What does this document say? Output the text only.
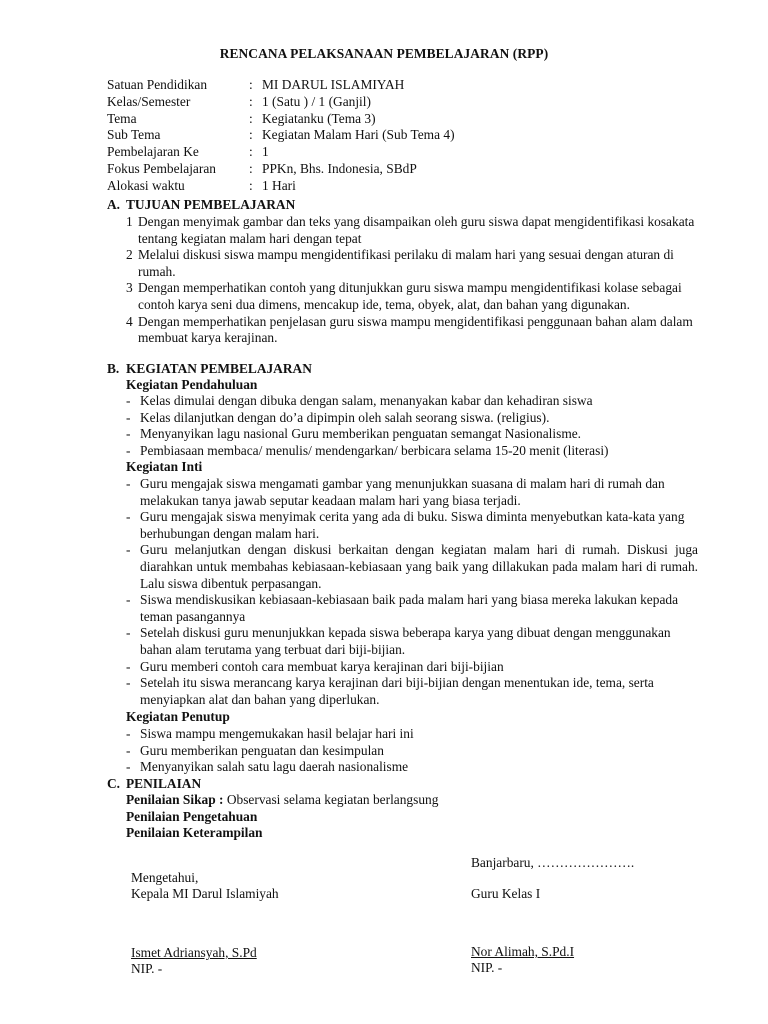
RENCANA PELAKSANAAN PEMBELAJARAN (RPP)
Satuan Pendidikan	: MI DARUL ISLAMIYAH
Kelas/Semester	: 1 (Satu ) / 1 (Ganjil)
Tema	: Kegiatanku (Tema 3)
Sub Tema	: Kegiatan Malam Hari (Sub Tema 4)
Pembelajaran Ke	: 1
Fokus Pembelajaran	: PPKn, Bhs. Indonesia, SBdP
Alokasi waktu	: 1 Hari
A. TUJUAN PEMBELAJARAN
1 Dengan menyimak gambar dan teks yang disampaikan oleh guru siswa dapat mengidentifikasi kosakata tentang kegiatan malam hari dengan tepat
2 Melalui diskusi siswa mampu mengidentifikasi perilaku di malam hari yang sesuai dengan aturan di rumah.
3 Dengan memperhatikan contoh yang ditunjukkan guru siswa mampu mengidentifikasi kolase sebagai contoh karya seni dua dimens, mencakup ide, tema, obyek, alat, dan bahan yang digunakan.
4 Dengan memperhatikan penjelasan guru siswa mampu mengidentifikasi penggunaan bahan alam dalam membuat karya kerajinan.
B. KEGIATAN PEMBELAJARAN
Kegiatan Pendahuluan
- Kelas dimulai dengan dibuka dengan salam, menanyakan kabar dan kehadiran siswa
- Kelas dilanjutkan dengan do’a dipimpin oleh salah seorang siswa. (religius).
- Menyanyikan lagu nasional Guru memberikan penguatan semangat Nasionalisme.
- Pembiasaan membaca/ menulis/ mendengarkan/ berbicara selama 15-20 menit (literasi)
Kegiatan Inti
- Guru mengajak siswa mengamati gambar yang menunjukkan suasana di malam hari di rumah dan melakukan tanya jawab seputar keadaan malam hari yang biasa terjadi.
- Guru mengajak siswa menyimak cerita yang ada di buku. Siswa diminta menyebutkan kata-kata yang berhubungan dengan malam hari.
- Guru melanjutkan dengan diskusi berkaitan dengan kegiatan malam hari di rumah. Diskusi juga diarahkan untuk membahas kebiasaan-kebiasaan yang baik yang dillakukan pada malam hari di rumah. Lalu siswa dibentuk perpasangan.
- Siswa mendiskusikan kebiasaan-kebiasaan baik pada malam hari yang biasa mereka lakukan kepada teman pasangannya
- Setelah diskusi guru menunjukkan kepada siswa beberapa karya yang dibuat dengan menggunakan bahan alam terutama yang terbuat dari biji-bijian.
- Guru memberi contoh cara membuat karya kerajinan dari biji-bijian
- Setelah itu siswa merancang karya kerajinan dari biji-bijian dengan menentukan ide, tema, serta menyiapkan alat dan bahan yang diperlukan.
Kegiatan Penutup
- Siswa mampu mengemukakan hasil belajar hari ini
- Guru memberikan penguatan dan kesimpulan
- Menyanyikan salah satu lagu daerah nasionalisme
C. PENILAIAN
Penilaian Sikap : Observasi selama kegiatan berlangsung
Penilaian Pengetahuan
Penilaian Keterampilan
Banjarbaru, ………………….
Mengetahui,
Kepala MI Darul Islamiyah	Guru Kelas I
Ismet Adriansyah, S.Pd
NIP. -
Nor Alimah, S.Pd.I
NIP. -
